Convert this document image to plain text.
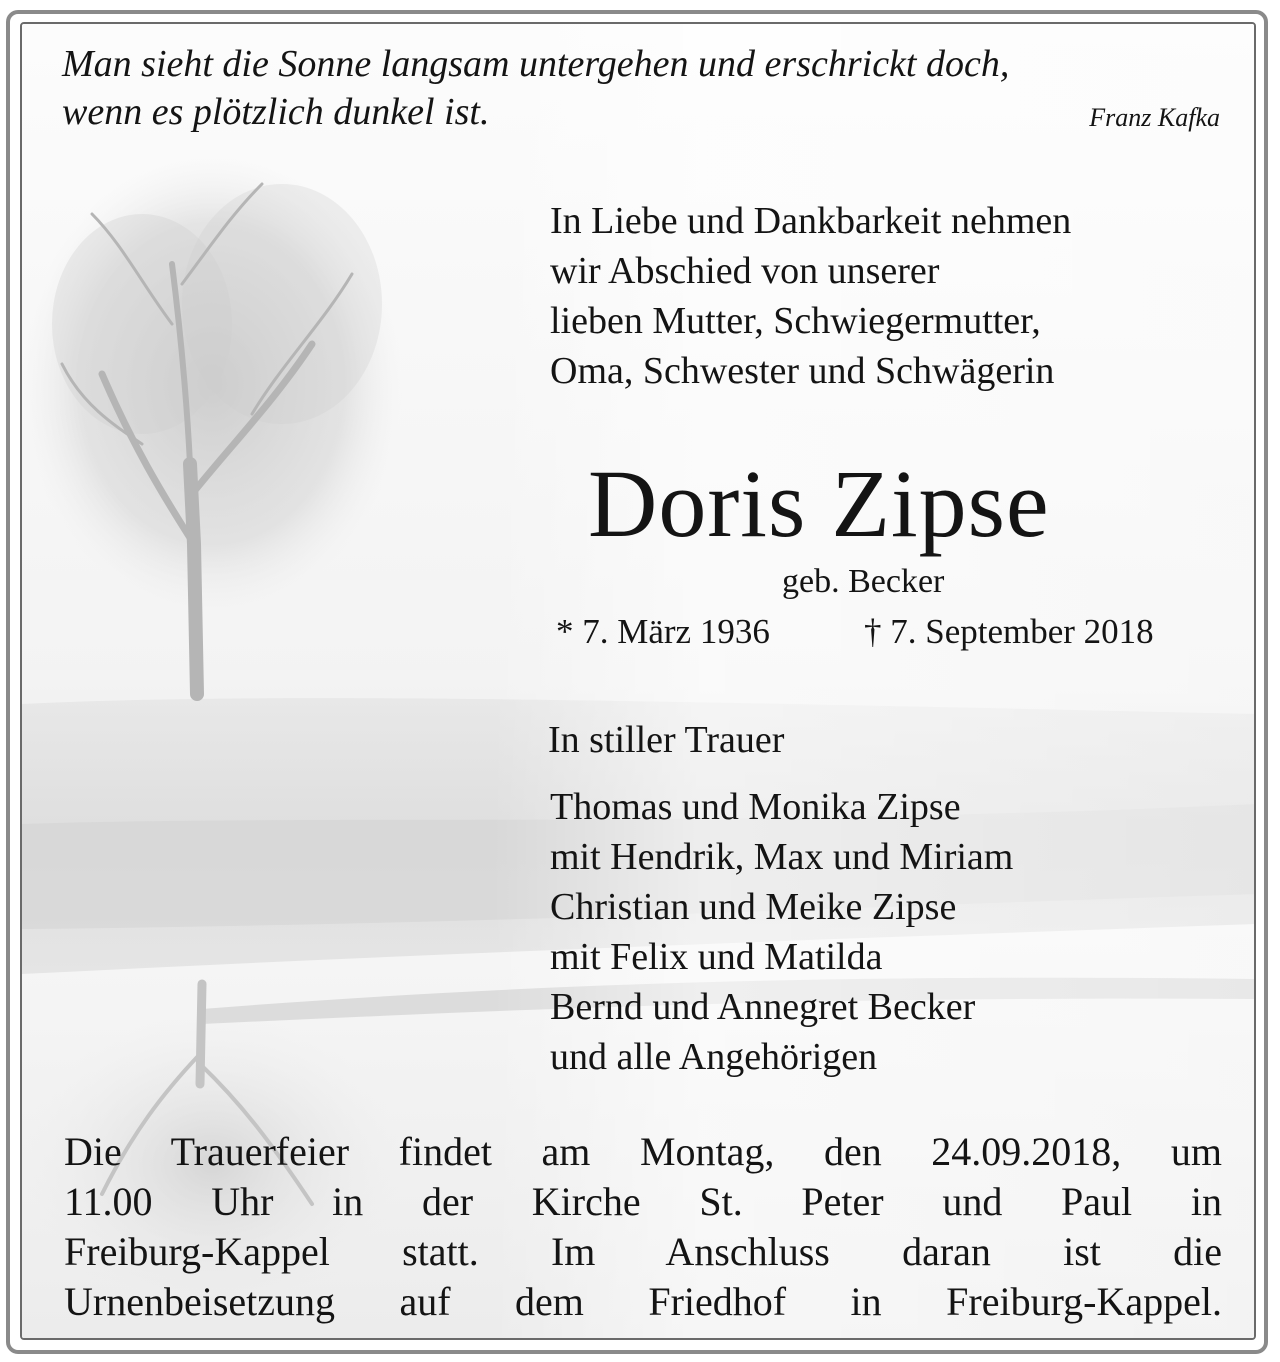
Man sieht die Sonne langsam untergehen und erschrickt doch,

wenn es plötzlich dunkel ist.	Franz Kafka

In Liebe und Dankbarkeit nehmen

wir Abschied von unserer

lieben Mutter, Schwiegermutter,

Oma, Schwester und Schwägerin

Doris Zipse

geb. Becker

* 7. März 1936	† 7. September 2018

In stiller Trauer

Thomas und Monika Zipse

mit Hendrik, Max und Miriam

Christian und Meike Zipse

mit Felix und Matilda

Bernd und Annegret Becker

und alle Angehörigen

Die Trauerfeier findet am Montag, den 24.09.2018, um
11.00 Uhr in der Kirche St. Peter und Paul in
Freiburg-Kappel statt. Im Anschluss daran ist die
Urnenbeisetzung auf dem Friedhof in Freiburg-Kappel.
